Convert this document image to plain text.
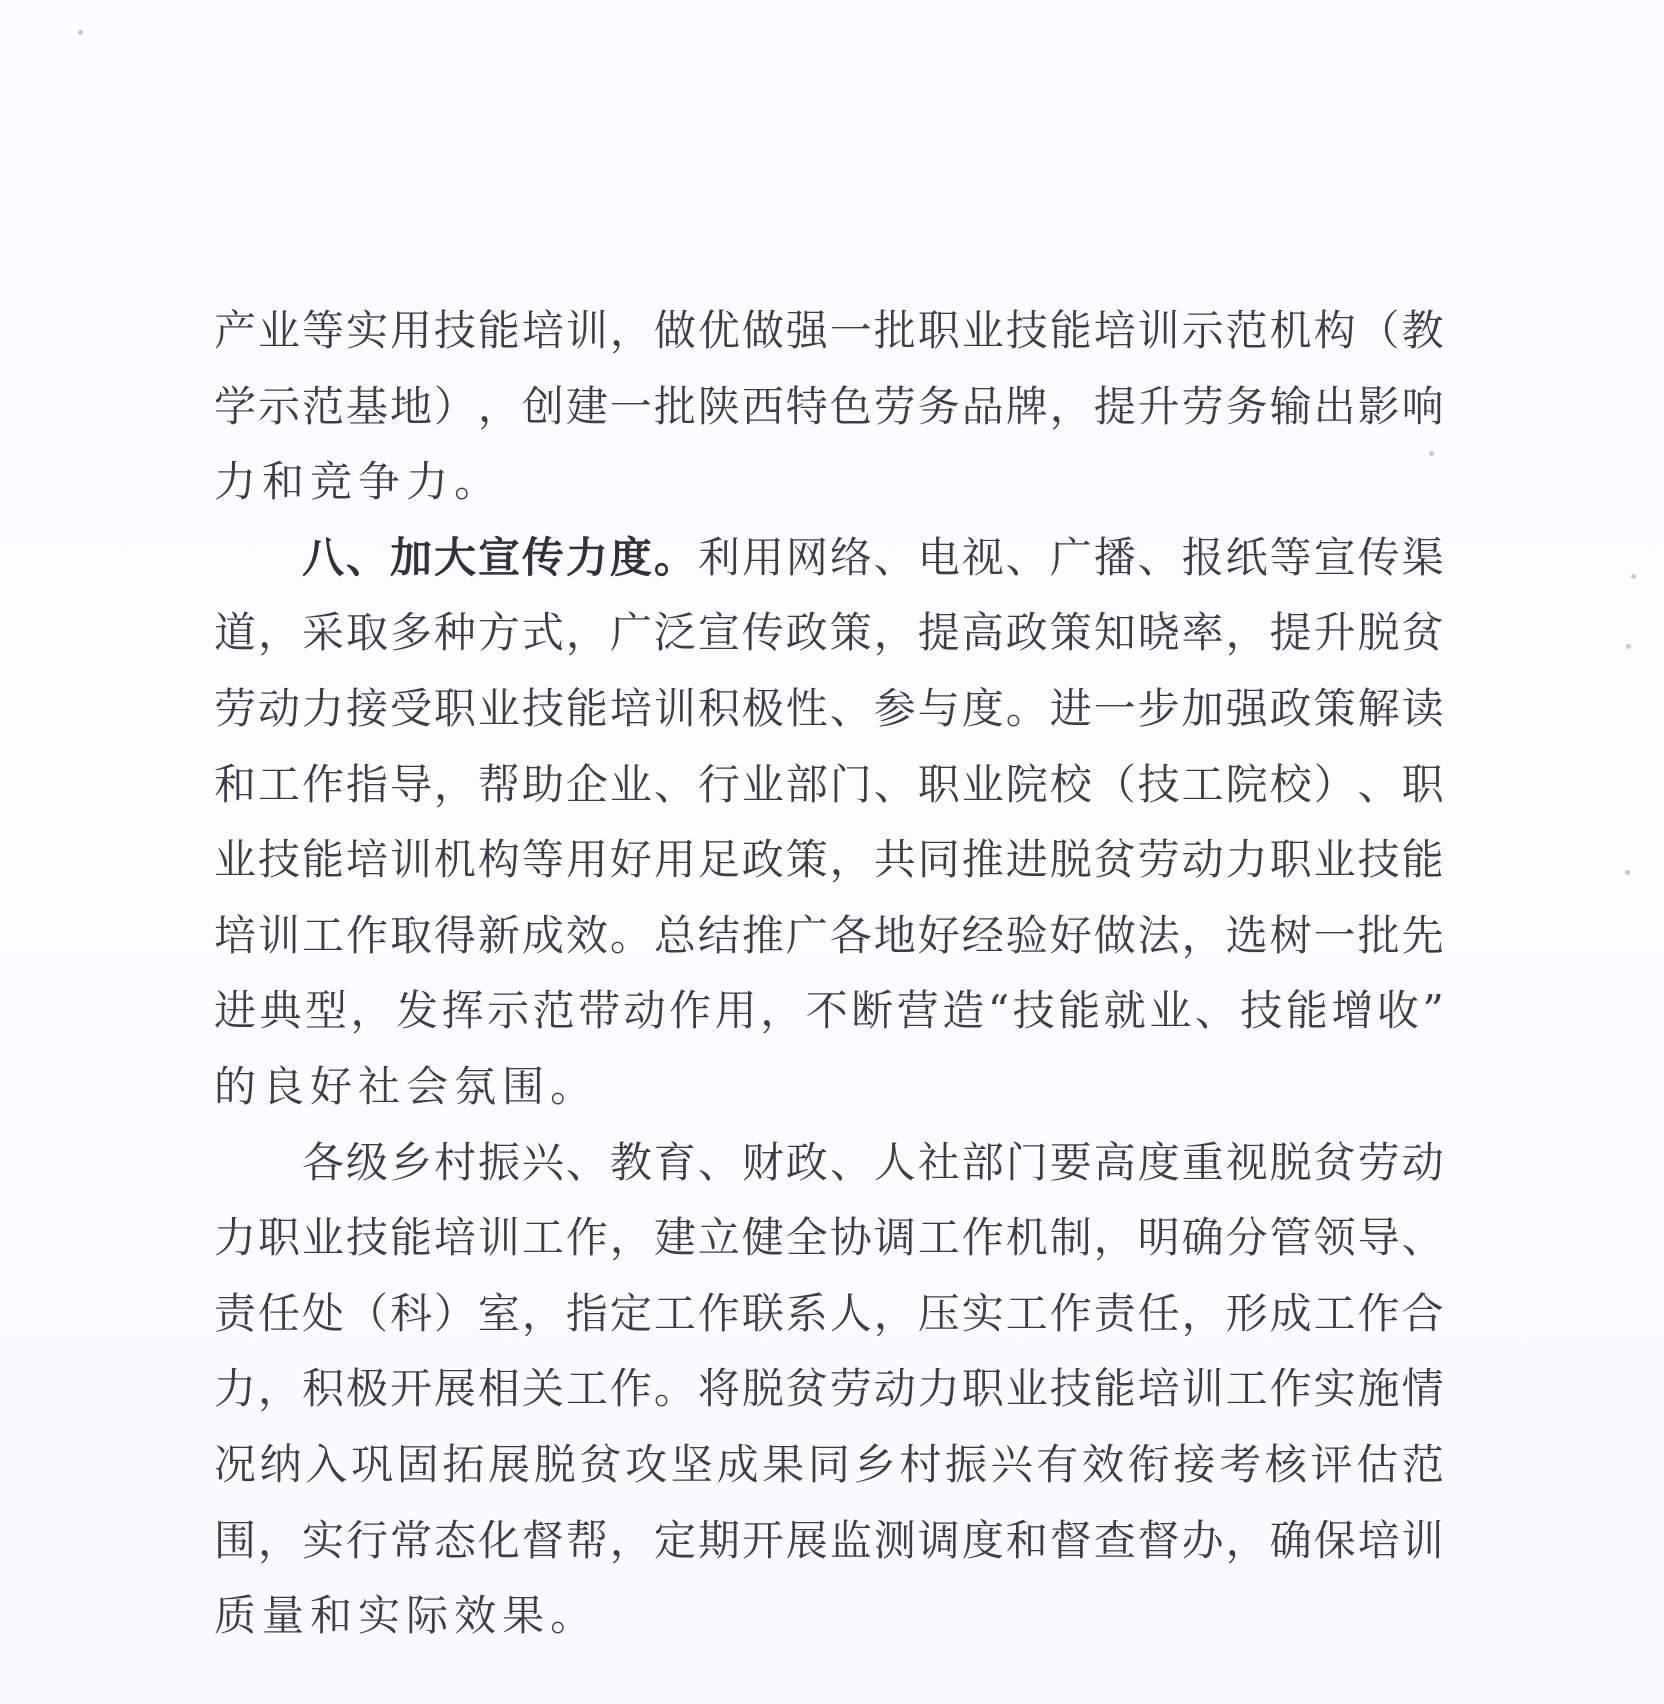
产 业 等 实 用 技 能 培 训 ， 做 优 做 强 一 批 职 业 技 能 培 训 示 范 机 构 （ 教
学 示 范 基 地 ） ， 创 建 一 批 陕 西 特 色 劳 务 品 牌 ， 提 升 劳 务 输 出 影 响
力 和 竞 争 力 。
八 、 加 大 宣 传 力 度 。 利 用 网 络 、 电 视 、 广 播 、 报 纸 等 宣 传 渠
道 ， 采 取 多 种 方 式 ， 广 泛 宣 传 政 策 ， 提 高 政 策 知 晓 率 ， 提 升 脱 贫
劳 动 力 接 受 职 业 技 能 培 训 积 极 性 、 参 与 度 。 进 一 步 加 强 政 策 解 读
和 工 作 指 导 ， 帮 助 企 业 、 行 业 部 门 、 职 业 院 校 （ 技 工 院 校 ） 、 职
业 技 能 培 训 机 构 等 用 好 用 足 政 策 ， 共 同 推 进 脱 贫 劳 动 力 职 业 技 能
培 训 工 作 取 得 新 成 效 。 总 结 推 广 各 地 好 经 验 好 做 法 ， 选 树 一 批 先
进 典 型 ， 发 挥 示 范 带 动 作 用 ， 不 断 营 造 “ 技 能 就 业 、 技 能 增 收 ”
的 良 好 社 会 氛 围 。
各 级 乡 村 振 兴 、 教 育 、 财 政 、 人 社 部 门 要 高 度 重 视 脱 贫 劳 动
力 职 业 技 能 培 训 工 作 ， 建 立 健 全 协 调 工 作 机 制 ， 明 确 分 管 领 导 、
责 任 处 （ 科 ） 室 ， 指 定 工 作 联 系 人 ， 压 实 工 作 责 任 ， 形 成 工 作 合
力 ， 积 极 开 展 相 关 工 作 。 将 脱 贫 劳 动 力 职 业 技 能 培 训 工 作 实 施 情
况 纳 入 巩 固 拓 展 脱 贫 攻 坚 成 果 同 乡 村 振 兴 有 效 衔 接 考 核 评 估 范
围 ， 实 行 常 态 化 督 帮 ， 定 期 开 展 监 测 调 度 和 督 查 督 办 ， 确 保 培 训
质 量 和 实 际 效 果 。
